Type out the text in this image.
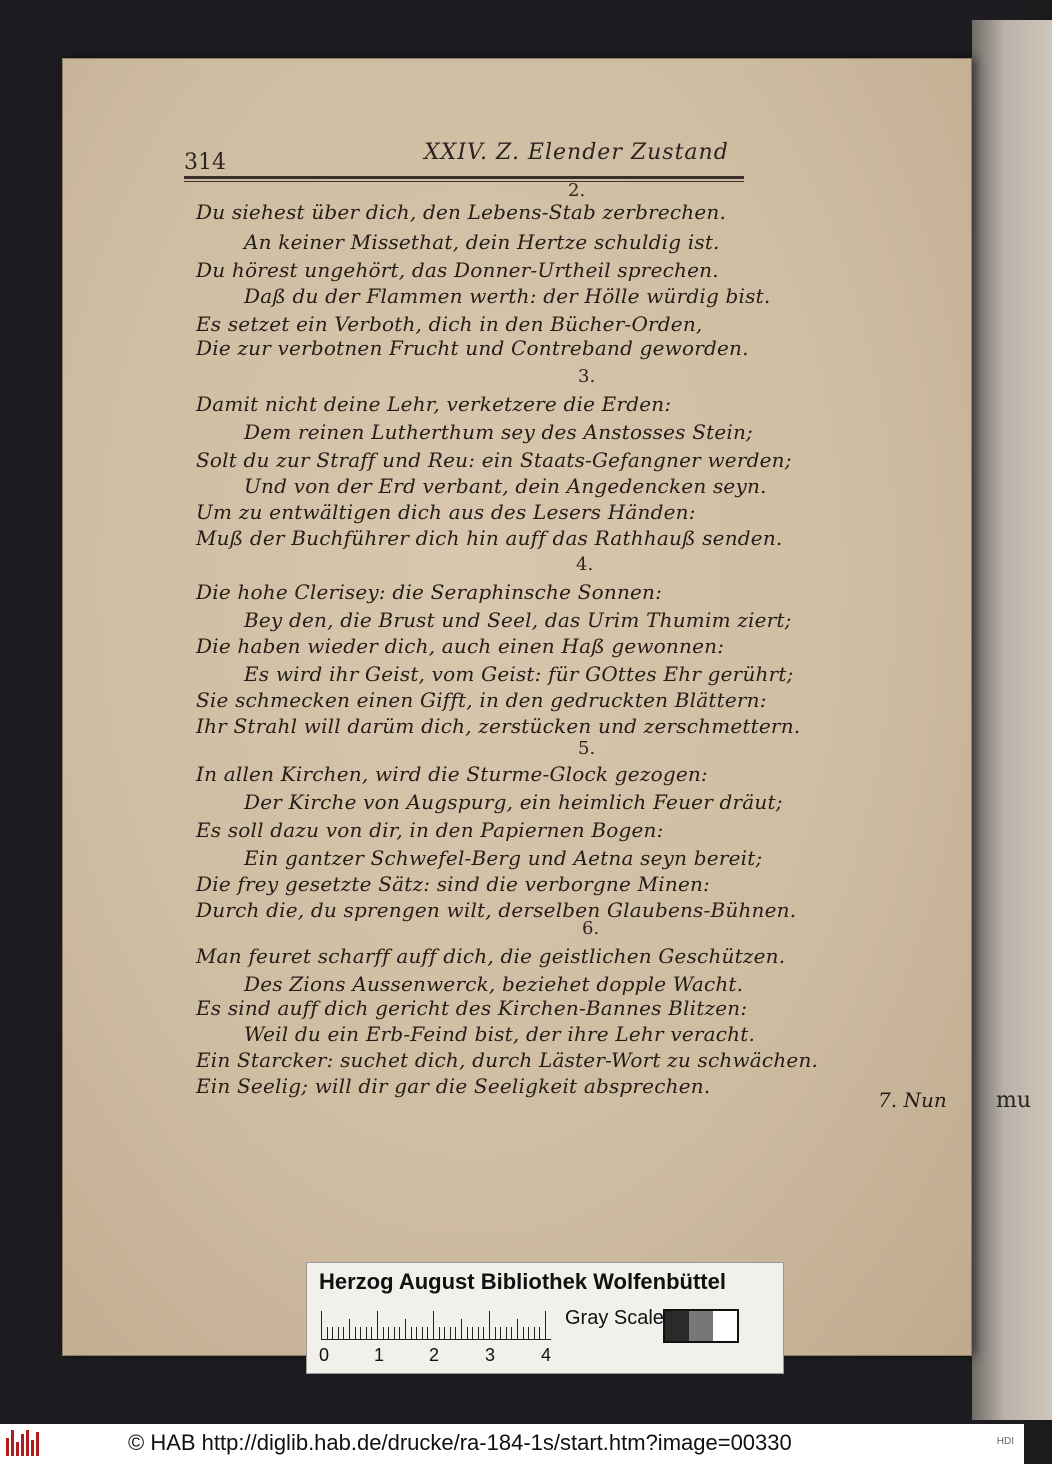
mu
314	XXIV. Z. Elender Zustand
2.
Du siehest über dich, den Lebens-Stab zerbrechen.
An keiner Missethat, dein Hertze schuldig ist.
Du hörest ungehört, das Donner-Urtheil sprechen.
Daß du der Flammen werth: der Hölle würdig bist.
Es setzet ein Verboth, dich in den Bücher-Orden,
Die zur verbotnen Frucht und Contreband geworden.
3.
Damit nicht deine Lehr, verketzere die Erden:
Dem reinen Lutherthum sey des Anstosses Stein;
Solt du zur Straff und Reu: ein Staats-Gefangner werden;
Und von der Erd verbant, dein Angedencken seyn.
Um zu entwältigen dich aus des Lesers Händen:
Muß der Buchführer dich hin auff das Rathhauß senden.
4.
Die hohe Clerisey: die Seraphinsche Sonnen:
Bey den, die Brust und Seel, das Urim Thumim ziert;
Die haben wieder dich, auch einen Haß gewonnen:
Es wird ihr Geist, vom Geist: für GOttes Ehr gerührt;
Sie schmecken einen Gifft, in den gedruckten Blättern:
Ihr Strahl will darüm dich, zerstücken und zerschmettern.
5.
In allen Kirchen, wird die Sturme-Glock gezogen:
Der Kirche von Augspurg, ein heimlich Feuer dräut;
Es soll dazu von dir, in den Papiernen Bogen:
Ein gantzer Schwefel-Berg und Aetna seyn bereit;
Die frey gesetzte Sätz: sind die verborgne Minen:
Durch die, du sprengen wilt, derselben Glaubens-Bühnen.
6.
Man feuret scharff auff dich, die geistlichen Geschützen.
Des Zions Aussenwerck, beziehet dopple Wacht.
Es sind auff dich gericht des Kirchen-Bannes Blitzen:
Weil du ein Erb-Feind bist, der ihre Lehr veracht.
Ein Starcker: suchet dich, durch Läster-Wort zu schwächen.
Ein Seelig; will dir gar die Seeligkeit absprechen.
7. Nun
Herzog August Bibliothek Wolfenbüttel
0 1 2	3	4
Gray Scale
© HAB http://diglib.hab.de/drucke/ra-184-1s/start.htm?image=00330	HDI
